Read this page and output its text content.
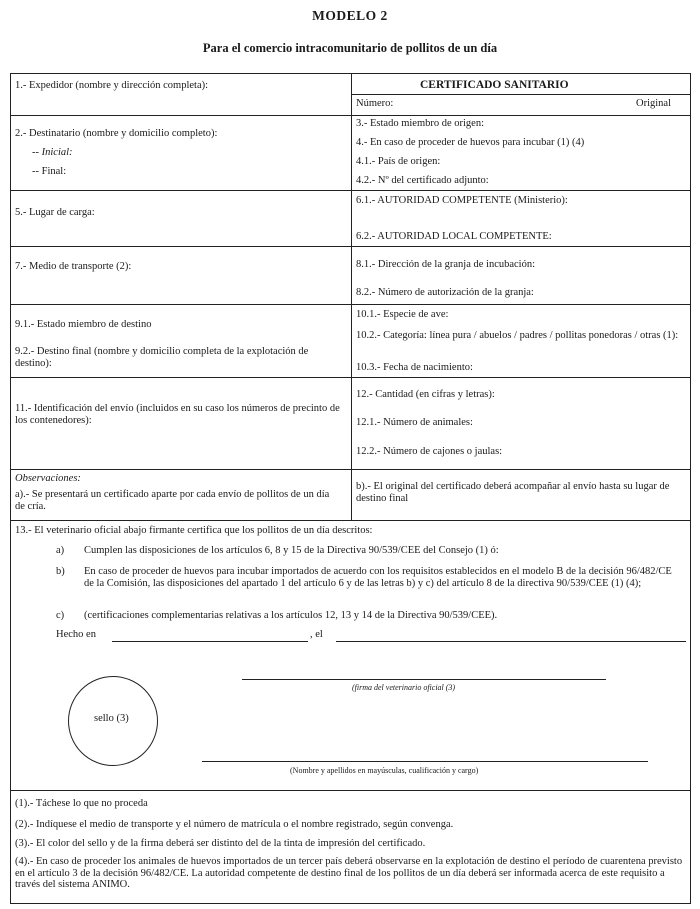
MODELO 2
Para el comercio intracomunitario de pollitos de un día
1.- Expedidor (nombre y dirección completa):
2.- Destinatario (nombre y domicilio completo):
-- Inicial:
-- Final:
5.- Lugar de carga:
7.- Medio de transporte (2):
9.1.- Estado miembro de destino
9.2.- Destino final (nombre y domicilio completa de la explotación de destino):
11.- Identificación del envío (incluidos en su caso los números de precinto de los contenedores):
Observaciones:
a).- Se presentará un certificado aparte por cada envío de pollitos de un día de cría.
CERTIFICADO SANITARIO
Número:	Original
3.- Estado miembro de origen:
4.- En caso de proceder de huevos para incubar (1) (4)
4.1.- País de origen:
4.2.- Nº del certificado adjunto:
6.1.- AUTORIDAD COMPETENTE (Ministerio):
6.2.- AUTORIDAD LOCAL COMPETENTE:
8.1.- Dirección de la granja de incubación:
8.2.- Número de autorización de la granja:
10.1.- Especie de ave:
10.2.- Categoría: línea pura / abuelos / padres / pollitas ponedoras / otras (1):
10.3.- Fecha de nacimiento:
12.- Cantidad (en cifras y letras):
12.1.- Número de animales:
12.2.- Número de cajones o jaulas:
b).- El original del certificado deberá acompañar al envío hasta su lugar de destino final
13.- El veterinario oficial abajo firmante certifica que los pollitos de un día descritos:
a) Cumplen las disposiciones de los artículos 6, 8 y 15 de la Directiva 90/539/CEE del Consejo (1) ó:
b) En caso de proceder de huevos para incubar importados de acuerdo con los requisitos establecidos en el modelo B de la decisión 96/482/CE de la Comisión, las disposiciones del apartado 1 del artículo 6 y de las letras b) y c) del artículo 8 de la directiva 90/539/CEE (1) (4);
c) (certificaciones complementarias relativas a los artículos 12, 13 y 14 de la Directiva 90/539/CEE).
Hecho en	, el
(firma del veterinario oficial (3)
sello (3)
(Nombre y apellidos en mayúsculas, cualificación y cargo)
(1).- Táchese lo que no proceda
(2).- Indíquese el medio de transporte y el número de matrícula o el nombre registrado, según convenga.
(3).- El color del sello y de la firma deberá ser distinto del de la tinta de impresión del certificado.
(4).- En caso de proceder los animales de huevos importados de un tercer país deberá observarse en la explotación de destino el período de cuarentena previsto en el artículo 3 de la decisión 96/482/CE. La autoridad competente de destino final de los pollitos de un día deberá ser informada acerca de este requisito a través del sistema ANIMO.
